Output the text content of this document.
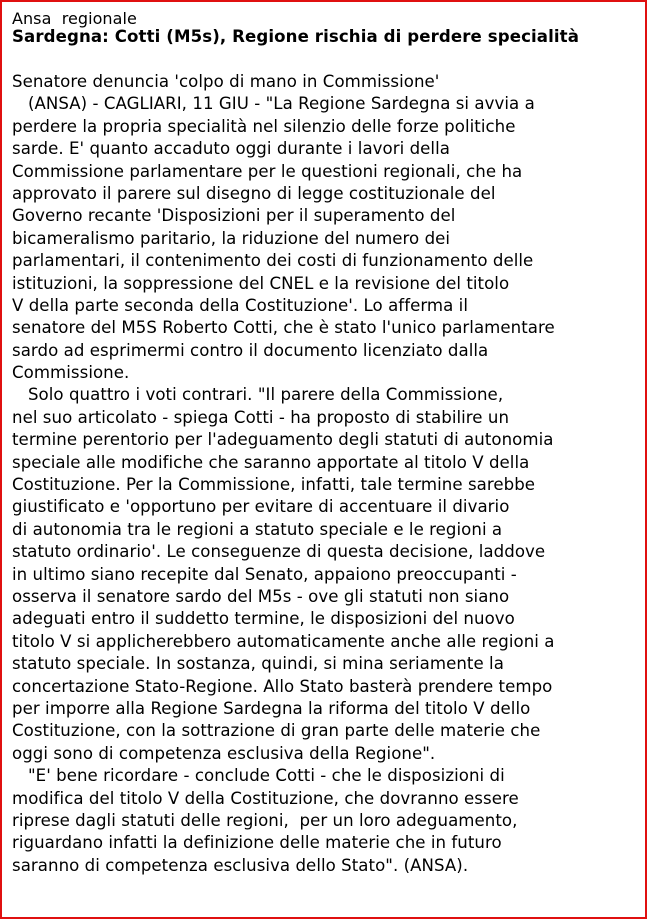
Ansa  regionale
Sardegna: Cotti (M5s), Regione rischia di perdere specialità
Senatore denuncia 'colpo di mano in Commissione'
(ANSA) - CAGLIARI, 11 GIU - "La Regione Sardegna si avvia a
perdere la propria specialità nel silenzio delle forze politiche
sarde. E' quanto accaduto oggi durante i lavori della
Commissione parlamentare per le questioni regionali, che ha
approvato il parere sul disegno di legge costituzionale del
Governo recante 'Disposizioni per il superamento del
bicameralismo paritario, la riduzione del numero dei
parlamentari, il contenimento dei costi di funzionamento delle
istituzioni, la soppressione del CNEL e la revisione del titolo
V della parte seconda della Costituzione'. Lo afferma il
senatore del M5S Roberto Cotti, che è stato l'unico parlamentare
sardo ad esprimermi contro il documento licenziato dalla
Commissione.
Solo quattro i voti contrari. "Il parere della Commissione,
nel suo articolato - spiega Cotti - ha proposto di stabilire un
termine perentorio per l'adeguamento degli statuti di autonomia
speciale alle modifiche che saranno apportate al titolo V della
Costituzione. Per la Commissione, infatti, tale termine sarebbe
giustificato e 'opportuno per evitare di accentuare il divario
di autonomia tra le regioni a statuto speciale e le regioni a
statuto ordinario'. Le conseguenze di questa decisione, laddove
in ultimo siano recepite dal Senato, appaiono preoccupanti -
osserva il senatore sardo del M5s - ove gli statuti non siano
adeguati entro il suddetto termine, le disposizioni del nuovo
titolo V si applicherebbero automaticamente anche alle regioni a
statuto speciale. In sostanza, quindi, si mina seriamente la
concertazione Stato-Regione. Allo Stato basterà prendere tempo
per imporre alla Regione Sardegna la riforma del titolo V dello
Costituzione, con la sottrazione di gran parte delle materie che
oggi sono di competenza esclusiva della Regione".
"E' bene ricordare - conclude Cotti - che le disposizioni di
modifica del titolo V della Costituzione, che dovranno essere
riprese dagli statuti delle regioni,  per un loro adeguamento,
riguardano infatti la definizione delle materie che in futuro
saranno di competenza esclusiva dello Stato". (ANSA).
